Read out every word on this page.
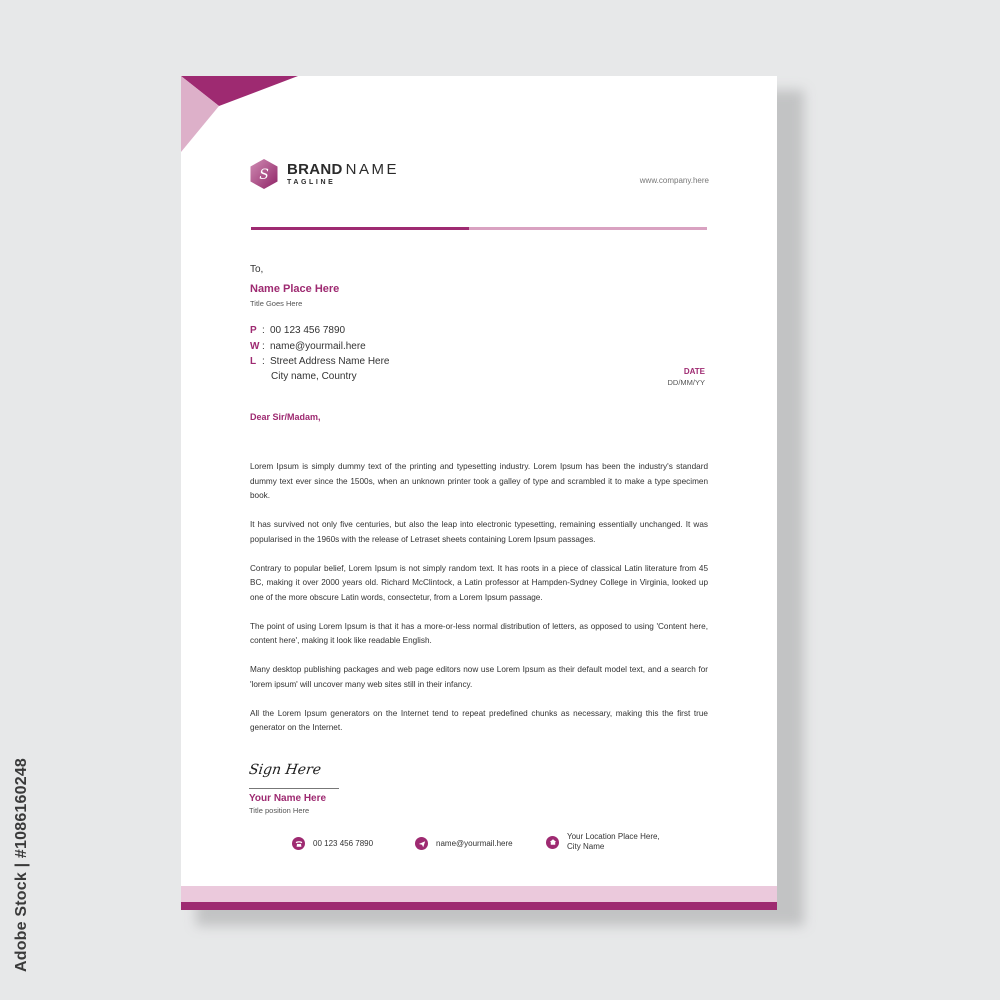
S BRAND NAME
TAGLINE	www.company.here
To,
Name Place Here
Title Goes Here
P : 00 123 456 7890
W : name@yourmail.here
L : Street Address Name Here
City name, Country	DATE
DD/MM/YY
Dear Sir/Madam,

Lorem Ipsum is simply dummy text of the printing and typesetting industry. Lorem Ipsum has been the industry's standard dummy text ever since the 1500s, when an unknown printer took a galley of type and scrambled it to make a type specimen book.

It has survived not only five centuries, but also the leap into electronic typesetting, remaining essentially unchanged. It was popularised in the 1960s with the release of Letraset sheets containing Lorem Ipsum passages.

Contrary to popular belief, Lorem Ipsum is not simply random text. It has roots in a piece of classical Latin literature from 45 BC, making it over 2000 years old. Richard McClintock, a Latin professor at Hampden-Sydney College in Virginia, looked up one of the more obscure Latin words, consectetur, from a Lorem Ipsum passage.

The point of using Lorem Ipsum is that it has a more-or-less normal distribution of letters, as opposed to using 'Content here, content here', making it look like readable English.

Many desktop publishing packages and web page editors now use Lorem Ipsum as their default model text, and a search for 'lorem ipsum' will uncover many web sites still in their infancy.

All the Lorem Ipsum generators on the Internet tend to repeat predefined chunks as necessary, making this the first true generator on the Internet.

Sign Here
Your Name Here
Title position Here
00 123 456 7890	name@yourmail.here
Your Location Place Here,
City Name
Adobe Stock | #1086160248
